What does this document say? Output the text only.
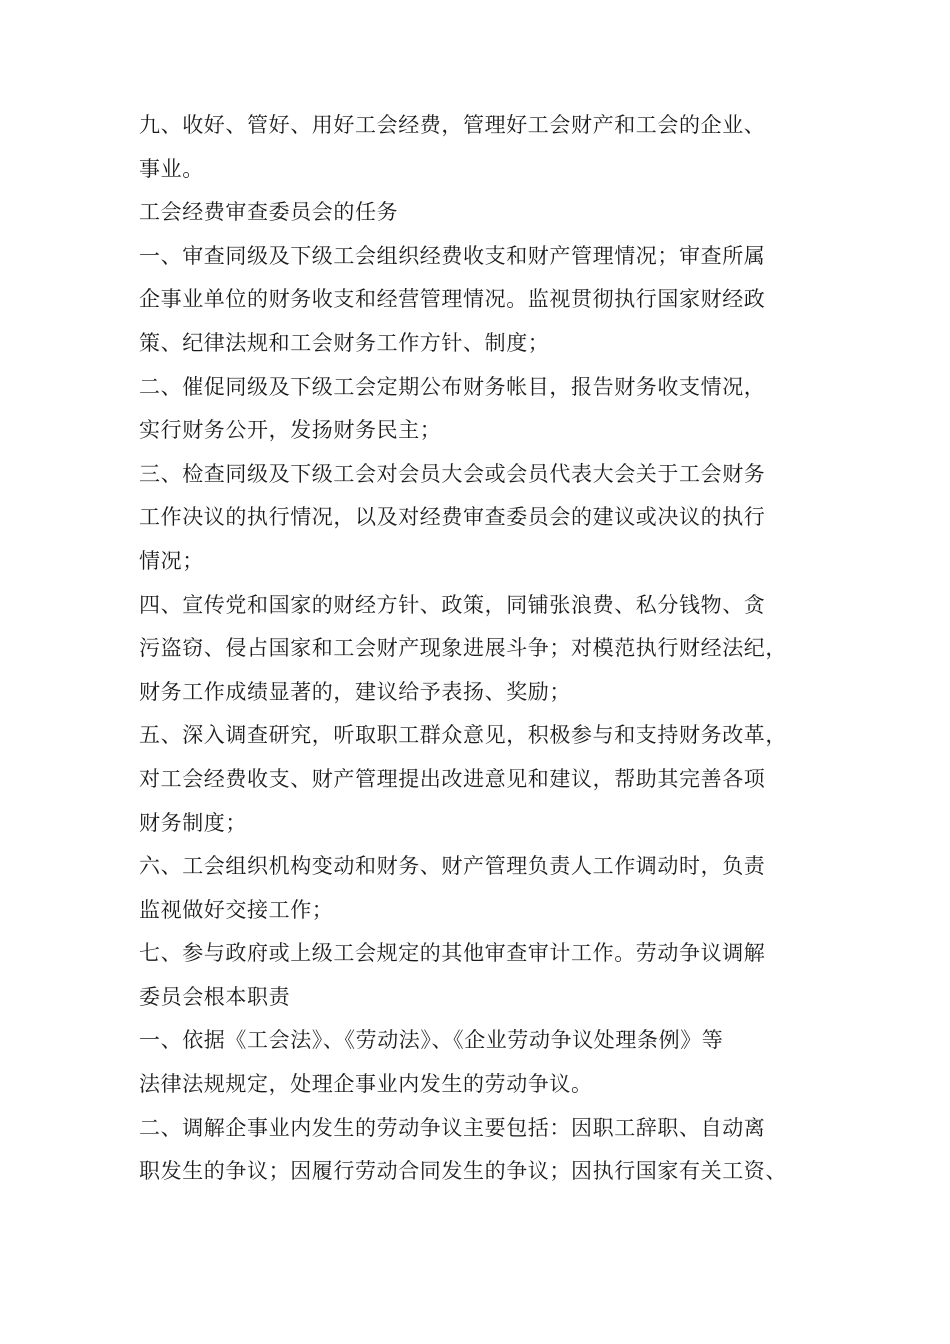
九、收好、管好、用好工会经费，管理好工会财产和工会的企业、
事业。
工会经费审查委员会的任务
一、审查同级及下级工会组织经费收支和财产管理情况；审查所属
企事业单位的财务收支和经营管理情况。监视贯彻执行国家财经政
策、纪律法规和工会财务工作方针、制度；
二、催促同级及下级工会定期公布财务帐目，报告财务收支情况，
实行财务公开，发扬财务民主；
三、检查同级及下级工会对会员大会或会员代表大会关于工会财务
工作决议的执行情况，以及对经费审查委员会的建议或决议的执行
情况；
四、宣传党和国家的财经方针、政策，同铺张浪费、私分钱物、贪
污盗窃、侵占国家和工会财产现象进展斗争；对模范执行财经法纪，
财务工作成绩显著的，建议给予表扬、奖励；
五、深入调查研究，听取职工群众意见，积极参与和支持财务改革，
对工会经费收支、财产管理提出改进意见和建议，帮助其完善各项
财务制度；
六、工会组织机构变动和财务、财产管理负责人工作调动时，负责
监视做好交接工作；
七、参与政府或上级工会规定的其他审查审计工作。劳动争议调解
委员会根本职责
一、依据《工会法》、《劳动法》、《企业劳动争议处理条例》等
法律法规规定，处理企事业内发生的劳动争议。
二、调解企事业内发生的劳动争议主要包括：因职工辞职、自动离
职发生的争议；因履行劳动合同发生的争议；因执行国家有关工资、
